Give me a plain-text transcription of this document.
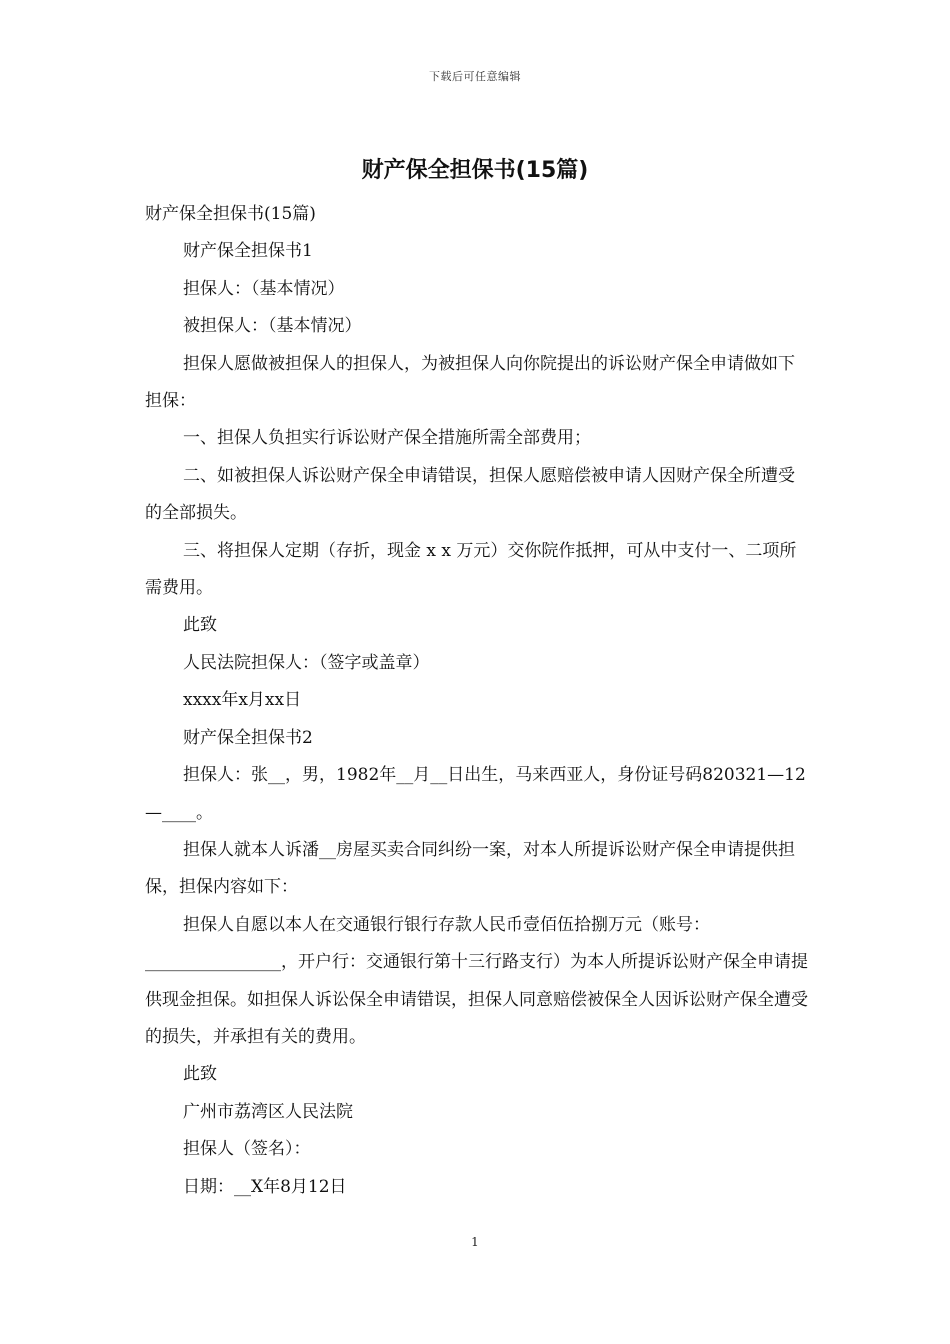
下载后可任意编辑
财产保全担保书(15篇)

财产保全担保书(15篇)

财产保全担保书1

担保人：（基本情况）

被担保人：（基本情况）

担保人愿做被担保人的担保人，为被担保人向你院提出的诉讼财产保全申请做如下担保：

一、担保人负担实行诉讼财产保全措施所需全部费用；

二、如被担保人诉讼财产保全申请错误，担保人愿赔偿被申请人因财产保全所遭受的全部损失。

三、将担保人定期（存折，现金 x x 万元）交你院作抵押，可从中支付一、二项所需费用。

此致

人民法院担保人：（签字或盖章）

xxxx年x月xx日

财产保全担保书2

担保人：张__，男，1982年__月__日出生，马来西亚人，身份证号码820321—12—____。

担保人就本人诉潘__房屋买卖合同纠纷一案，对本人所提诉讼财产保全申请提供担保，担保内容如下：

担保人自愿以本人在交通银行银行存款人民币壹佰伍拾捌万元（账号：________________，开户行：交通银行第十三行路支行）为本人所提诉讼财产保全申请提供现金担保。如担保人诉讼保全申请错误，担保人同意赔偿被保全人因诉讼财产保全遭受的损失，并承担有关的费用。

此致

广州市荔湾区人民法院

担保人（签名）：

日期：__X年8月12日

1
